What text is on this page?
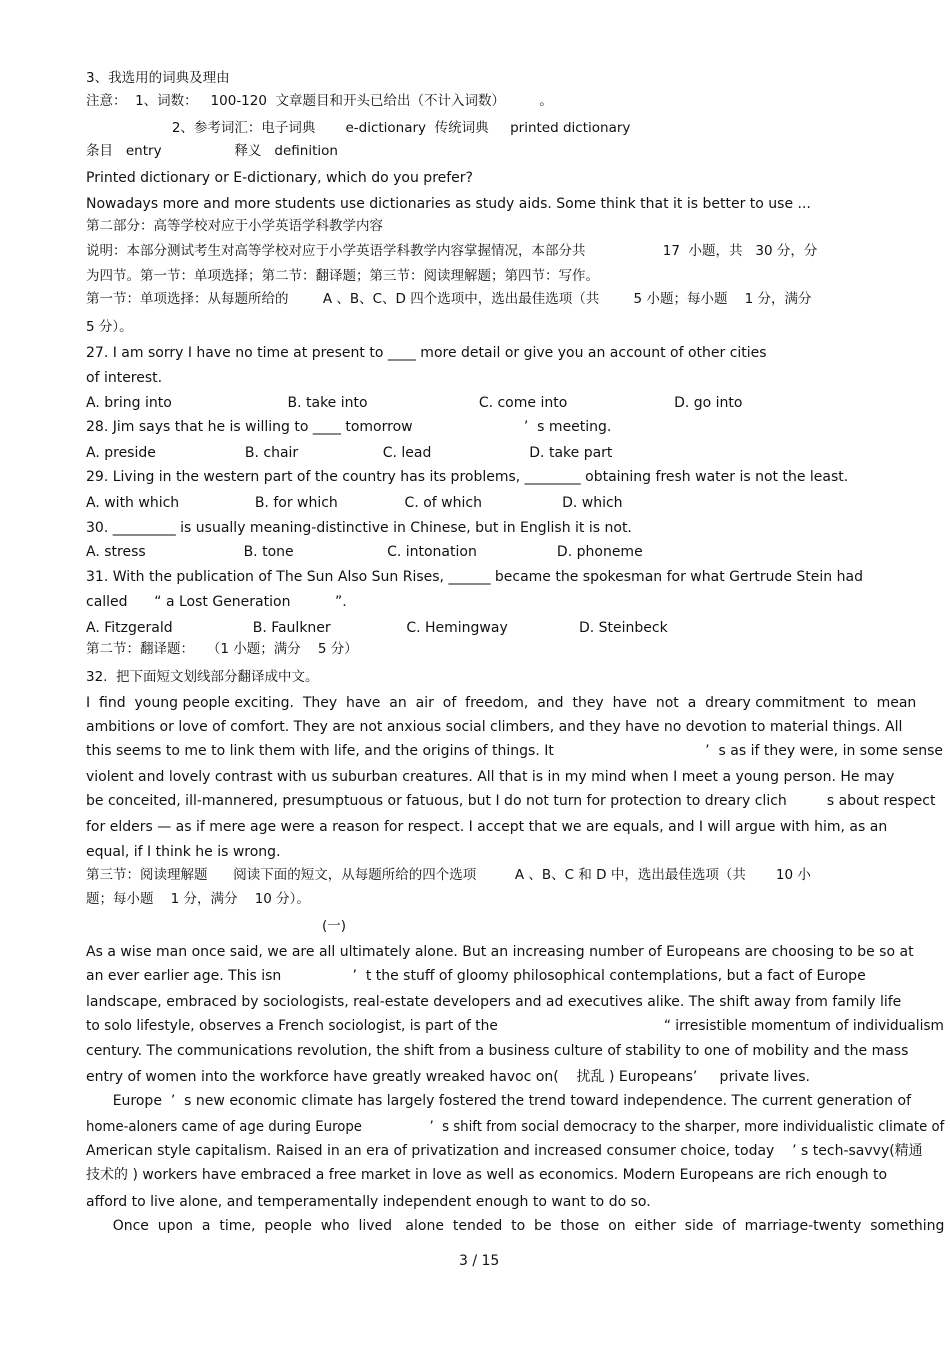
3、我选用的词典及理由

注意：  1、词数：   100-120  文章题目和开头已给出（不计入词数）        。

2、参考词汇：电子词典       e-dictionary  传统词典     printed dictionary

条目   entry                 释义   definition

Printed dictionary or E-dictionary, which do you prefer?

Nowadays more and more students use dictionaries as study aids. Some think that it is better to use ...

第二部分：高等学校对应于小学英语学科教学内容

说明：本部分测试考生对高等学校对应于小学英语学科教学内容掌握情况，本部分共                  17  小题，共   30 分，分

为四节。第一节：单项选择；第二节：翻译题；第三节：阅读理解题；第四节：写作。

第一节：单项选择：从每题所给的        A 、B、C、D 四个选项中，选出最佳选项（共        5 小题；每小题    1 分，满分

5 分）。

27. I am sorry I have no time at present to ____ more detail or give you an account of other cities

of interest.

A. bring into                          B. take into                         C. come into                        D. go into

28. Jim says that he is willing to ____ tomorrow                         ’  s meeting.

A. preside                    B. chair                   C. lead                      D. take part

29. Living in the western part of the country has its problems, ________ obtaining fresh water is not the least.

A. with which                 B. for which               C. of which                  D. which

30. _________ is usually meaning-distinctive in Chinese, but in English it is not.

A. stress                      B. tone                     C. intonation                  D. phoneme

31. With the publication of The Sun Also Sun Rises, ______ became the spokesman for what Gertrude Stein had

called      “ a Lost Generation          ”.

A. Fitzgerald                  B. Faulkner                 C. Hemingway                D. Steinbeck

第二节：翻译题：   （1 小题；满分    5 分）

32.  把下面短文划线部分翻译成中文。

I  find  young people exciting.  They  have  an  air  of  freedom,  and  they  have  not  a  dreary commitment  to  mean

ambitions or love of comfort. They are not anxious social climbers, and they have no devotion to material things. All

this seems to me to link them with life, and the origins of things. It                                  ’  s as if they were, in some sense

violent and lovely contrast with us suburban creatures. All that is in my mind when I meet a young person. He may

be conceited, ill-mannered, presumptuous or fatuous, but I do not turn for protection to dreary clich         s about respect

for elders — as if mere age were a reason for respect. I accept that we are equals, and I will argue with him, as an

equal, if I think he is wrong.

第三节：阅读理解题      阅读下面的短文，从每题所给的四个选项         A 、B、C 和 D 中，选出最佳选项（共       10 小

题；每小题    1 分，满分    10 分）。

(一)

As a wise man once said, we are all ultimately alone. But an increasing number of Europeans are choosing to be so at

an ever earlier age. This isn                ’  t the stuff of gloomy philosophical contemplations, but a fact of Europe

landscape, embraced by sociologists, real-estate developers and ad executives alike. The shift away from family life

to solo lifestyle, observes a French sociologist, is part of the                                      “ irresistible momentum of individualism

century. The communications revolution, the shift from a business culture of stability to one of mobility and the mass

entry of women into the workforce have greatly wreaked havoc on(    扰乱 ) Europeans’     private lives.

Europe  ’  s new economic climate has largely fostered the trend toward independence. The current generation of

home-aloners came of age during Europe                ’  s shift from social democracy to the sharper, more individualistic climate of

American style capitalism. Raised in an era of privatization and increased consumer choice, today    ’ s tech-savvy(精通

技术的 ) workers have embraced a free market in love as well as economics. Modern Europeans are rich enough to

afford to live alone, and temperamentally independent enough to want to do so.

Once  upon  a  time,  people  who  lived   alone  tended  to  be  those  on  either  side  of  marriage-twenty  something

3 / 15
